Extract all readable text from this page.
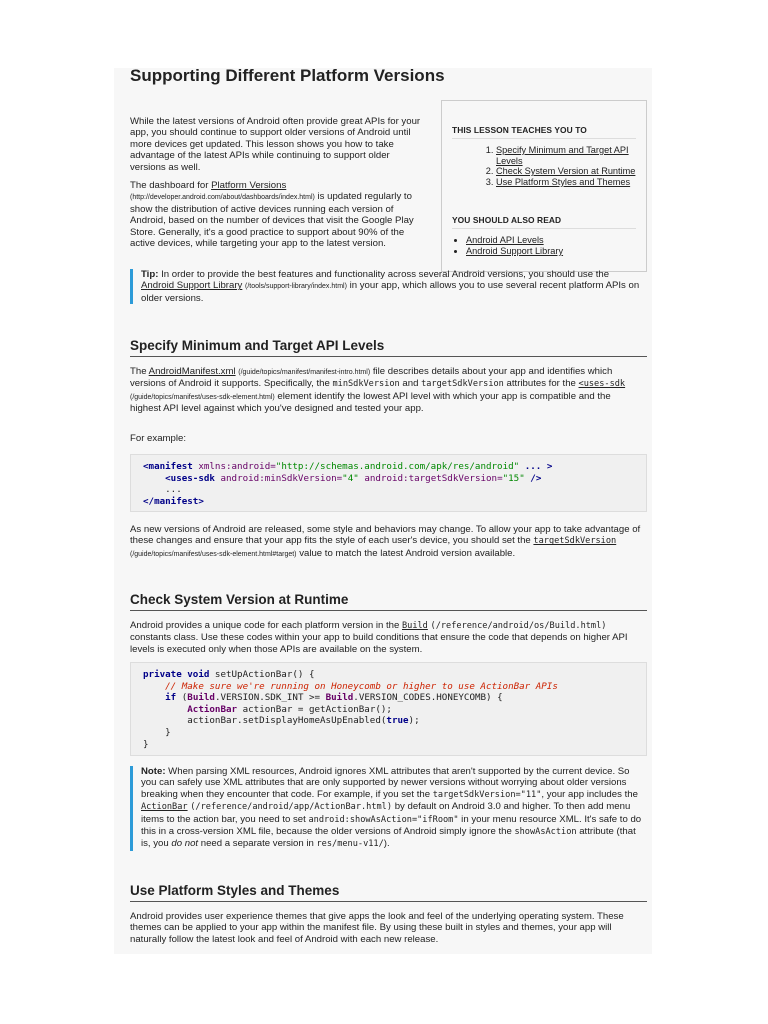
Supporting Different Platform Versions

While the latest versions of Android often provide great APIs for your app, you should continue to support older versions of Android until more devices get updated. This lesson shows you how to take advantage of the latest APIs while continuing to support older versions as well.

The dashboard for Platform Versions (http://developer.android.com/about/dashboards/index.html) is updated regularly to show the distribution of active devices running each version of Android, based on the number of devices that visit the Google Play Store. Generally, it's a good practice to support about 90% of the active devices, while targeting your app to the latest version.

THIS LESSON TEACHES YOU TO
1. Specify Minimum and Target API Levels
2. Check System Version at Runtime
3. Use Platform Styles and Themes
YOU SHOULD ALSO READ
• Android API Levels
• Android Support Library
Tip: In order to provide the best features and functionality across several Android versions, you should use the Android Support Library (/tools/support-library/index.html) in your app, which allows you to use several recent platform APIs on older versions.
Specify Minimum and Target API Levels

The AndroidManifest.xml (/guide/topics/manifest/manifest-intro.html) file describes details about your app and identifies which versions of Android it supports. Specifically, the minSdkVersion and targetSdkVersion attributes for the <uses-sdk (/guide/topics/manifest/uses-sdk-element.html) element identify the lowest API level with which your app is compatible and the highest API level against which you've designed and tested your app.

For example:

<manifest xmlns:android="http://schemas.android.com/apk/res/android" ... >
<uses-sdk android:minSdkVersion="4" android:targetSdkVersion="15" />
...
</manifest>

As new versions of Android are released, some style and behaviors may change. To allow your app to take advantage of these changes and ensure that your app fits the style of each user's device, you should set the targetSdkVersion (/guide/topics/manifest/uses-sdk-element.html#target) value to match the latest Android version available.

Check System Version at Runtime

Android provides a unique code for each platform version in the Build (/reference/android/os/Build.html) constants class. Use these codes within your app to build conditions that ensure the code that depends on higher API levels is executed only when those APIs are available on the system.

private void setUpActionBar() {
// Make sure we're running on Honeycomb or higher to use ActionBar APIs
if (Build.VERSION.SDK_INT >= Build.VERSION_CODES.HONEYCOMB) {
ActionBar actionBar = getActionBar();
actionBar.setDisplayHomeAsUpEnabled(true);
}
}
Note: When parsing XML resources, Android ignores XML attributes that aren't supported by the current device. So you can safely use XML attributes that are only supported by newer versions without worrying about older versions breaking when they encounter that code. For example, if you set the targetSdkVersion="11", your app includes the ActionBar (/reference/android/app/ActionBar.html) by default on Android 3.0 and higher. To then add menu items to the action bar, you need to set android:showAsAction="ifRoom" in your menu resource XML. It's safe to do this in a cross-version XML file, because the older versions of Android simply ignore the showAsAction attribute (that is, you do not need a separate version in res/menu-v11/).
Use Platform Styles and Themes

Android provides user experience themes that give apps the look and feel of the underlying operating system. These themes can be applied to your app within the manifest file. By using these built in styles and themes, your app will naturally follow the latest look and feel of Android with each new release.
